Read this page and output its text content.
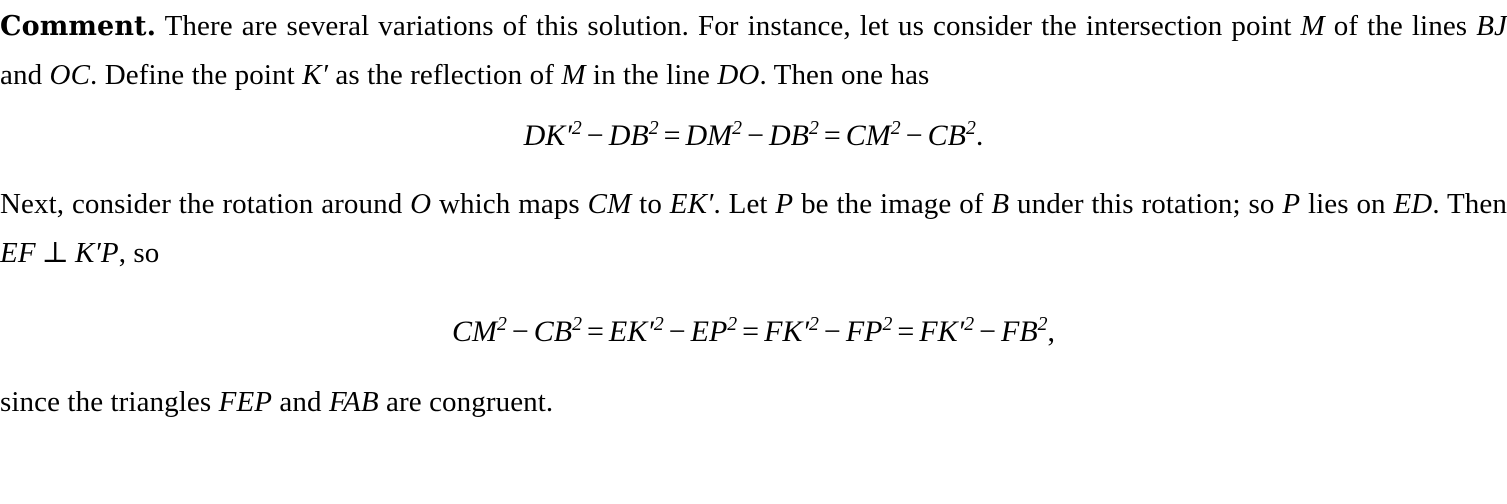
Comment. There are several variations of this solution. For instance, let us consider the intersection point M of the lines BJ and OC. Define the point K′ as the reflection of M in the line DO. Then one has

$DK'^2 - DB^2 = DM^2 - DB^2 = CM^2 - CB^2$.

Next, consider the rotation around O which maps CM to EK′. Let P be the image of B under this rotation; so P lies on ED. Then EF ⊥ K′P, so

$CM^2 - CB^2 = EK'^2 - EP^2 = FK'^2 - FP^2 = FK'^2 - FB^2$,

since the triangles FEP and FAB are congruent.
